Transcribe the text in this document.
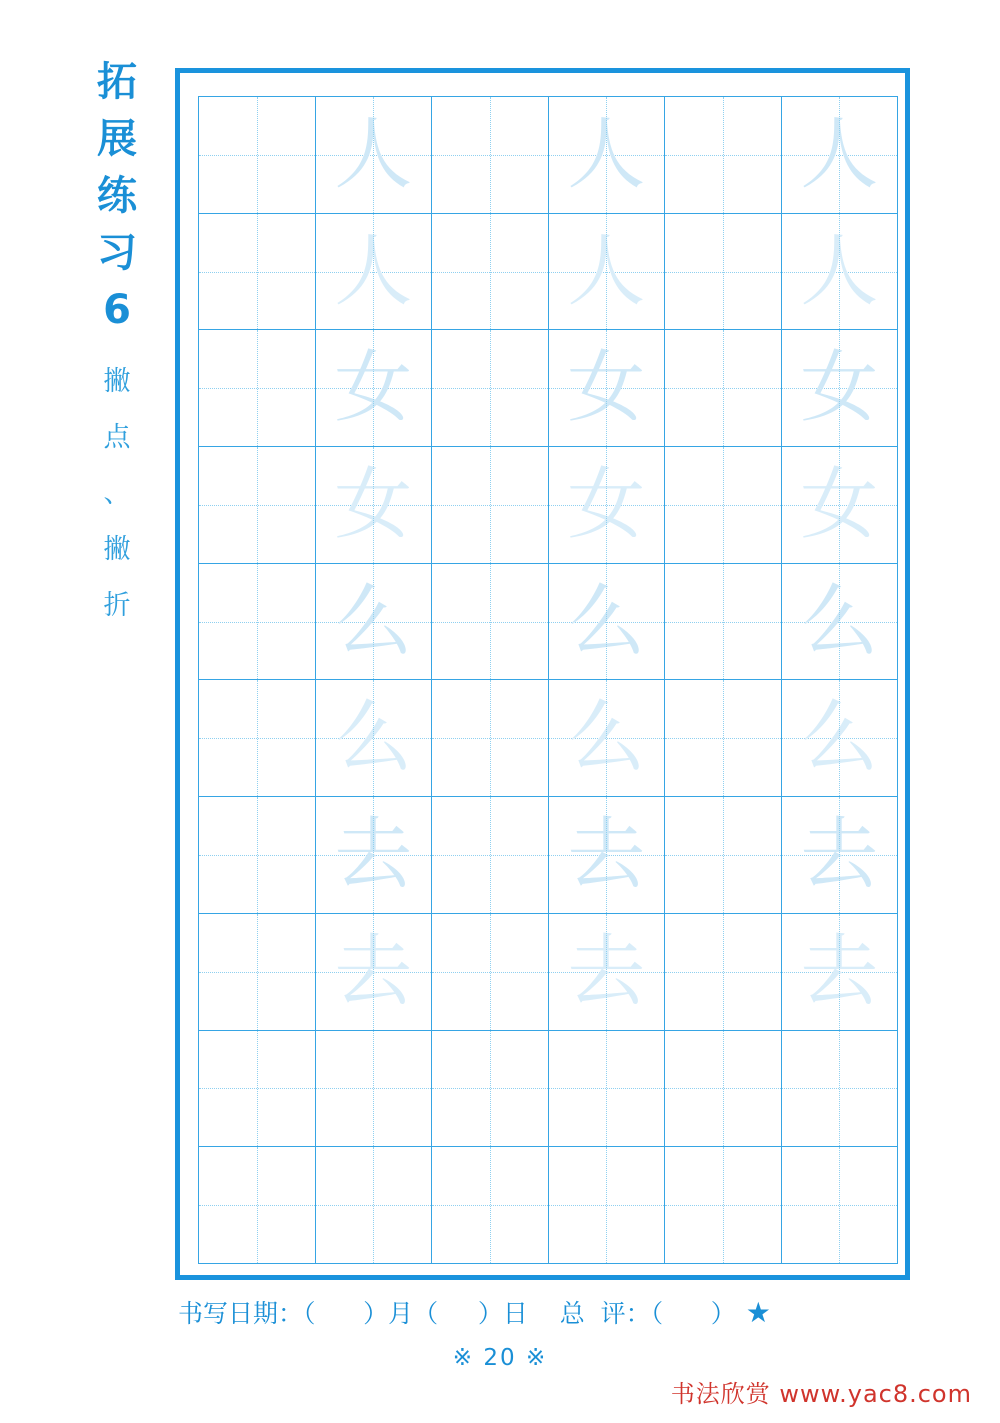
拓
展
练
习
6
撇
点
、
撇
折
人 人 人
人 人 人
女 女 女
女 女 女
么 么 么
么 么 么
去 去 去
去 去 去
书写日期：（      ）月（     ）日    总  评：（      ） ★
※ 20 ※
书法欣赏 www.yac8.com
